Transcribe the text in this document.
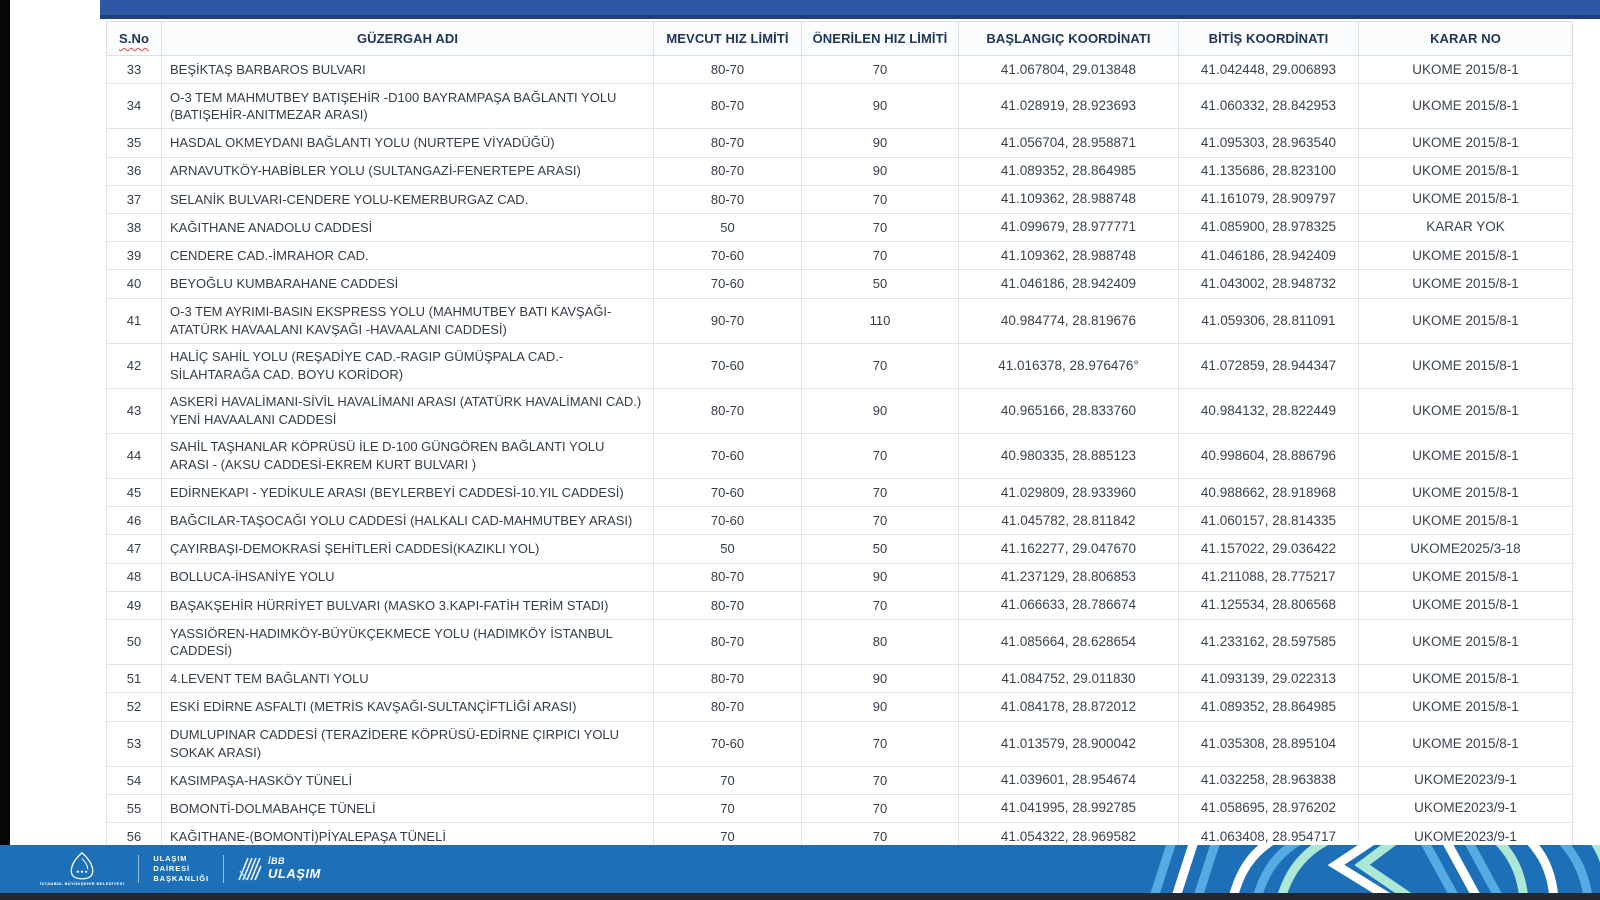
S.No	GÜZERGAH ADI	MEVCUT HIZ LİMİTİ	ÖNERİLEN HIZ LİMİTİ	BAŞLANGIÇ KOORDİNATI	BİTİŞ KOORDİNATI	KARAR NO
33	BEŞİKTAŞ BARBAROS BULVARI	80-70	70	41.067804, 29.013848	41.042448, 29.006893	UKOME 2015/8-1
34	O-3 TEM MAHMUTBEY BATIŞEHİR -D100 BAYRAMPAŞA BAĞLANTI YOLU (BATIŞEHİR-ANITMEZAR ARASI)	80-70	90	41.028919, 28.923693	41.060332, 28.842953	UKOME 2015/8-1
35	HASDAL OKMEYDANI BAĞLANTI YOLU (NURTEPE VİYADÜĞÜ)	80-70	90	41.056704, 28.958871	41.095303, 28.963540	UKOME 2015/8-1
36	ARNAVUTKÖY-HABİBLER YOLU (SULTANGAZİ-FENERTEPE ARASI)	80-70	90	41.089352, 28.864985	41.135686, 28.823100	UKOME 2015/8-1
37	SELANİK BULVARI-CENDERE YOLU-KEMERBURGAZ CAD.	80-70	70	41.109362, 28.988748	41.161079, 28.909797	UKOME 2015/8-1
38	KAĞITHANE ANADOLU CADDESİ	50	70	41.099679, 28.977771	41.085900, 28.978325	KARAR YOK
39	CENDERE CAD.-İMRAHOR CAD.	70-60	70	41.109362, 28.988748	41.046186, 28.942409	UKOME 2015/8-1
40	BEYOĞLU KUMBARAHANE CADDESİ	70-60	50	41.046186, 28.942409	41.043002, 28.948732	UKOME 2015/8-1
41	O-3 TEM AYRIMI-BASIN EKSPRESS YOLU (MAHMUTBEY BATI KAVŞAĞI-ATATÜRK HAVAALANI KAVŞAĞI -HAVAALANI CADDESİ)	90-70	110	40.984774, 28.819676	41.059306, 28.811091	UKOME 2015/8-1
42	HALİÇ SAHİL YOLU (REŞADİYE CAD.-RAGIP GÜMÜŞPALA CAD.-SİLAHTARAĞA CAD. BOYU KORİDOR)	70-60	70	41.016378, 28.976476°	41.072859, 28.944347	UKOME 2015/8-1
43	ASKERİ HAVALİMANI-SİVİL HAVALİMANI ARASI (ATATÜRK HAVALİMANI CAD.) YENİ HAVAALANI CADDESİ	80-70	90	40.965166, 28.833760	40.984132, 28.822449	UKOME 2015/8-1
44	SAHİL TAŞHANLAR KÖPRÜSÜ İLE D-100 GÜNGÖREN BAĞLANTI YOLU ARASI - (AKSU CADDESİ-EKREM KURT BULVARI )	70-60	70	40.980335, 28.885123	40.998604, 28.886796	UKOME 2015/8-1
45	EDİRNEKAPI - YEDİKULE ARASI (BEYLERBEYİ CADDESİ-10.YIL CADDESİ)	70-60	70	41.029809, 28.933960	40.988662, 28.918968	UKOME 2015/8-1
46	BAĞCILAR-TAŞOCAĞI YOLU CADDESİ (HALKALI CAD-MAHMUTBEY ARASI)	70-60	70	41.045782, 28.811842	41.060157, 28.814335	UKOME 2015/8-1
47	ÇAYIRBAŞI-DEMOKRASİ ŞEHİTLERİ CADDESİ(KAZIKLI YOL)	50	50	41.162277, 29.047670	41.157022, 29.036422	UKOME2025/3-18
48	BOLLUCA-İHSANİYE YOLU	80-70	90	41.237129, 28.806853	41.211088, 28.775217	UKOME 2015/8-1
49	BAŞAKŞEHİR HÜRRİYET BULVARI (MASKO 3.KAPI-FATİH TERİM STADI)	80-70	70	41.066633, 28.786674	41.125534, 28.806568	UKOME 2015/8-1
50	YASSIÖREN-HADIMKÖY-BÜYÜKÇEKMECE YOLU (HADIMKÖY İSTANBUL CADDESİ)	80-70	80	41.085664, 28.628654	41.233162, 28.597585	UKOME 2015/8-1
51	4.LEVENT TEM BAĞLANTI YOLU	80-70	90	41.084752, 29.011830	41.093139, 29.022313	UKOME 2015/8-1
52	ESKİ EDİRNE ASFALTI (METRİS KAVŞAĞI-SULTANÇİFTLİĞİ ARASI)	80-70	90	41.084178, 28.872012	41.089352, 28.864985	UKOME 2015/8-1
53	DUMLUPINAR CADDESİ (TERAZİDERE KÖPRÜSÜ-EDİRNE ÇIRPICI YOLU SOKAK ARASI)	70-60	70	41.013579, 28.900042	41.035308, 28.895104	UKOME 2015/8-1
54	KASIMPAŞA-HASKÖY TÜNELİ	70	70	41.039601, 28.954674	41.032258, 28.963838	UKOME2023/9-1
55	BOMONTİ-DOLMABAHÇE TÜNELİ	70	70	41.041995, 28.992785	41.058695, 28.976202	UKOME2023/9-1
56	KAĞITHANE-(BOMONTİ)PİYALEPAŞA TÜNELİ	70	70	41.054322, 28.969582	41.063408, 28.954717	UKOME2023/9-1
İSTANBUL BÜYÜKŞEHİR BELEDİYESİ
ULAŞIM
DAİRESİ
BAŞKANLIĞI
İBB
ULAŞIM
